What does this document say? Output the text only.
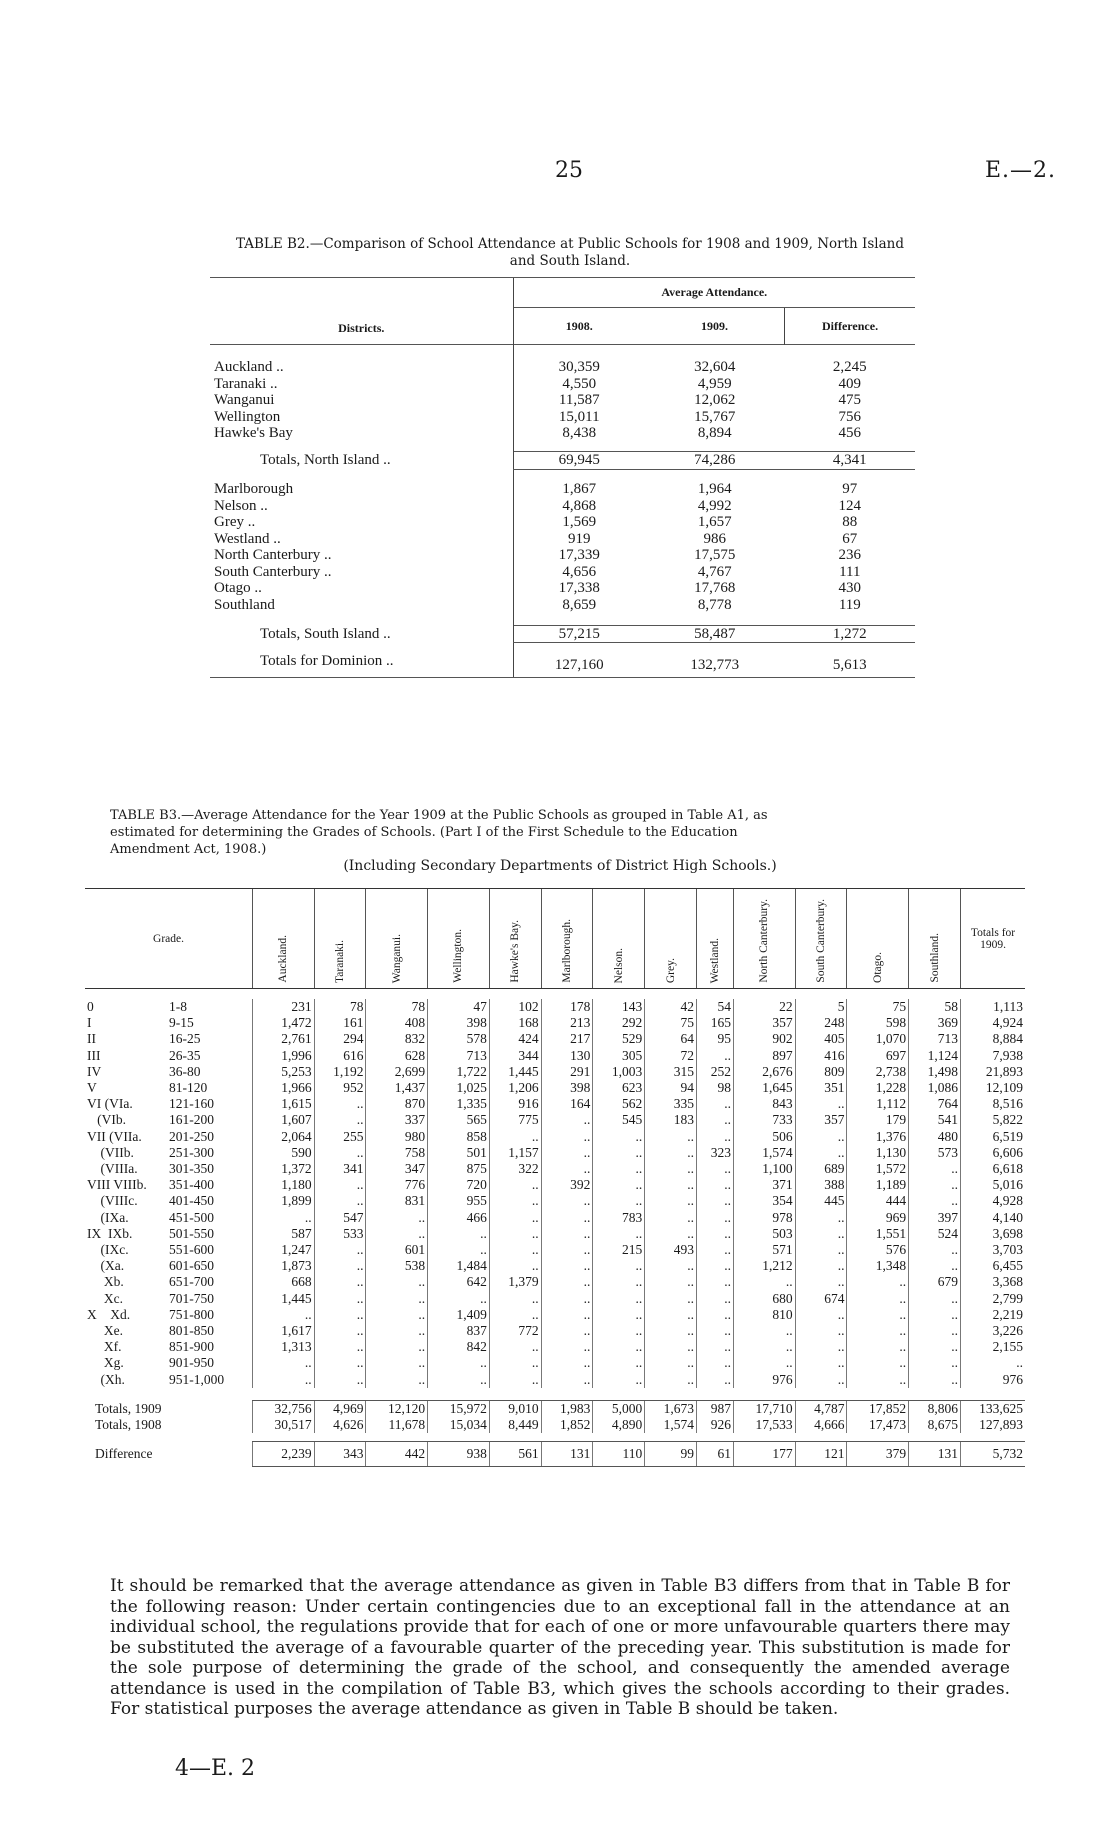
25	E.—2.
TABLE B2.—Comparison of School Attendance at Public Schools for 1908 and 1909, North Island
and South Island.
Districts.	Average Attendance.		
	1908.	1909.	Difference.

Auckland ..	30,359	32,604	2,245
Taranaki ..	4,550	4,959	409
Wanganui	11,587	12,062	475
Wellington	15,011	15,767	756
Hawke's Bay	8,438	8,894	456

Totals, North Island ..	69,945	74,286	4,341

Marlborough	1,867	1,964	97
Nelson ..	4,868	4,992	124
Grey ..	1,569	1,657	88
Westland ..	919	986	67
North Canterbury ..	17,339	17,575	236
South Canterbury ..	4,656	4,767	111
Otago ..	17,338	17,768	430
Southland	8,659	8,778	119

Totals, South Island ..	57,215	58,487	1,272

Totals for Dominion ..	127,160	132,773	5,613
TABLE B3.—Average Attendance for the Year 1909 at the Public Schools as grouped in Table A1, as
estimated for determining the Grades of Schools. (Part I of the First Schedule to the Education
Amendment Act, 1908.)
(Including Secondary Departments of District High Schools.)
Grade.	Auckland.	Taranaki.	Wanganui.	Wellington.	Hawke's Bay.	Marlborough.	Nelson.	Grey.	Westland.	North Canterbury.	South Canterbury.	Otago.	Southland.	Totals for 1909.

0 1-8	231	78	78	47	102	178	143	42	54	22	5	75	58	1,113
I 9-15	1,472	161	408	398	168	213	292	75	165	357	248	598	369	4,924
II 16-25	2,761	294	832	578	424	217	529	64	95	902	405	1,070	713	8,884
III 26-35	1,996	616	628	713	344	130	305	72	..	897	416	697	1,124	7,938
IV 36-80	5,253	1,192	2,699	1,722	1,445	291	1,003	315	252	2,676	809	2,738	1,498	21,893
V 81-120	1,966	952	1,437	1,025	1,206	398	623	94	98	1,645	351	1,228	1,086	12,109
VI (VIa. 121-160	1,615	..	870	1,335	916	164	562	335	..	843	..	1,112	764	8,516
(VIb. 161-200	1,607	..	337	565	775	..	545	183	..	733	357	179	541	5,822
VII (VIIa. 201-250	2,064	255	980	858	..	..	..	..	..	506	..	1,376	480	6,519
(VIIb. 251-300	590	..	758	501	1,157	..	..	..	323	1,574	..	1,130	573	6,606
(VIIIa. 301-350	1,372	341	347	875	322	..	..	..	..	1,100	689	1,572	..	6,618
VIII VIIIb. 351-400	1,180	..	776	720	..	392	..	..	..	371	388	1,189	..	5,016
(VIIIc. 401-450	1,899	..	831	955	..	..	..	..	..	354	445	444	..	4,928
(IXa. 451-500	..	547	..	466	..	..	783	..	..	978	..	969	397	4,140
IX  IXb. 501-550	587	533	..	..	..	..	..	..	..	503	..	1,551	524	3,698
(IXc. 551-600	1,247	..	601	..	..	..	215	493	..	571	..	576	..	3,703
(Xa. 601-650	1,873	..	538	1,484	..	..	..	..	..	1,212	..	1,348	..	6,455
Xb. 651-700	668	..	..	642	1,379	..	..	..	..	..	..	..	679	3,368
Xc. 701-750	1,445	..	..	..	..	..	..	..	..	680	674	..	..	2,799
X    Xd. 751-800	..	..	..	1,409	..	..	..	..	..	810	..	..	..	2,219
Xe. 801-850	1,617	..	..	837	772	..	..	..	..	..	..	..	..	3,226
Xf. 851-900	1,313	..	..	842	..	..	..	..	..	..	..	..	..	2,155
Xg. 901-950	..	..	..	..	..	..	..	..	..	..	..	..	..	..
(Xh. 951-1,000	..	..	..	..	..	..	..	..	..	976	..	..	..	976

Totals, 1909	32,756	4,969	12,120	15,972	9,010	1,983	5,000	1,673	987	17,710	4,787	17,852	8,806	133,625
Totals, 1908	30,517	4,626	11,678	15,034	8,449	1,852	4,890	1,574	926	17,533	4,666	17,473	8,675	127,893

Difference	2,239	343	442	938	561	131	110	99	61	177	121	379	131	5,732
It should be remarked that the average attendance as given in Table B3 differs from that in Table B for the following reason: Under certain contingencies due to an exceptional fall in the attendance at an individual school, the regulations provide that for each of one or more unfavourable quarters there may be substituted the average of a favourable quarter of the preceding year. This substitution is made for the sole purpose of determining the grade of the school, and consequently the amended average attendance is used in the compilation of Table B3, which gives the schools according to their grades. For statistical purposes the average attendance as given in Table B should be taken.
4—E. 2
